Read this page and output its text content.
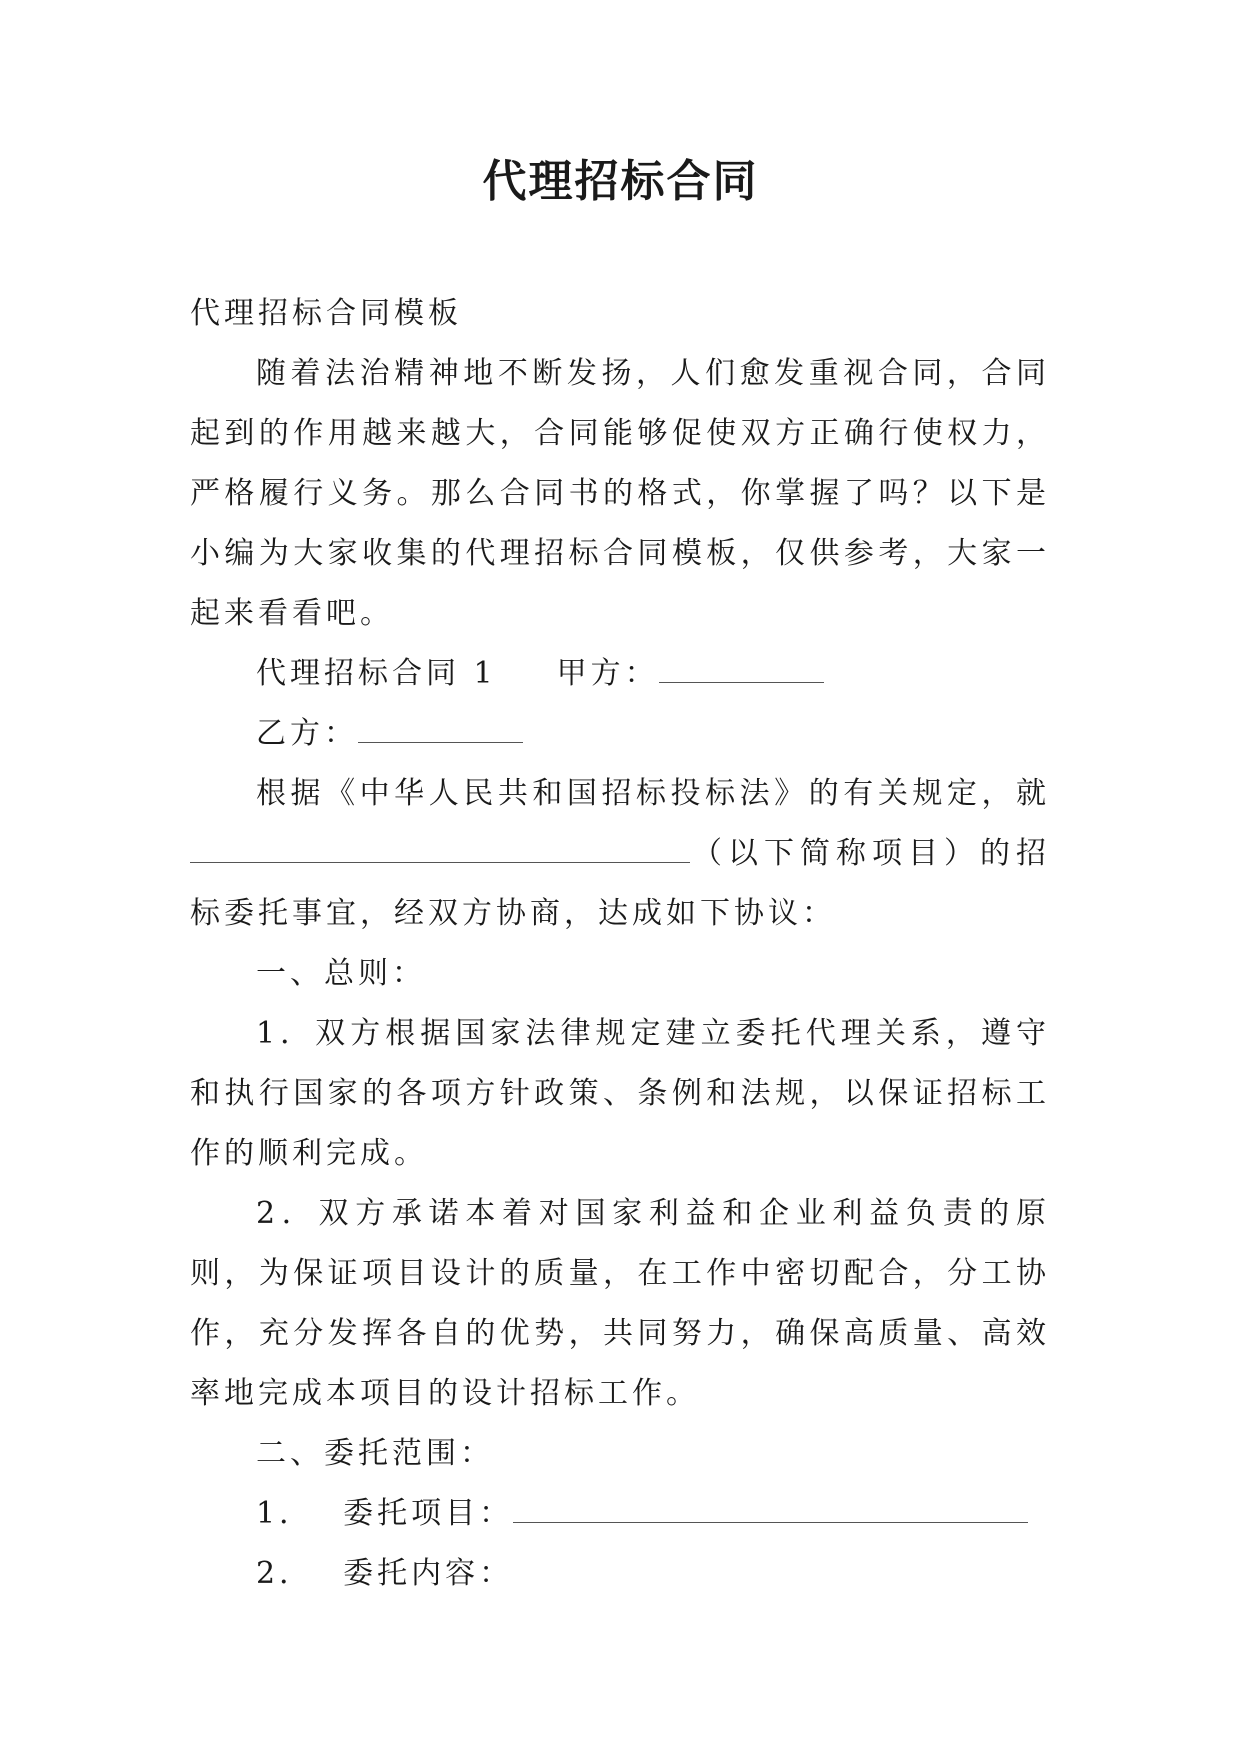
代理招标合同

代理招标合同模板

随着法治精神地不断发扬，人们愈发重视合同，合同起到的作用越来越大，合同能够促使双方正确行使权力，严格履行义务。那么合同书的格式，你掌握了吗？以下是小编为大家收集的代理招标合同模板，仅供参考，大家一起来看看吧。

代理招标合同 1 甲方：

乙方：

根据《中华人民共和国招标投标法》的有关规定，就（以下简称项目）的招标委托事宜，经双方协商，达成如下协议：

一、总则：

1．双方根据国家法律规定建立委托代理关系，遵守和执行国家的各项方针政策、条例和法规，以保证招标工作的顺利完成。

2．双方承诺本着对国家利益和企业利益负责的原则，为保证项目设计的质量，在工作中密切配合，分工协作，充分发挥各自的优势，共同努力，确保高质量、高效率地完成本项目的设计招标工作。

二、委托范围：

1． 委托项目：

2． 委托内容：
